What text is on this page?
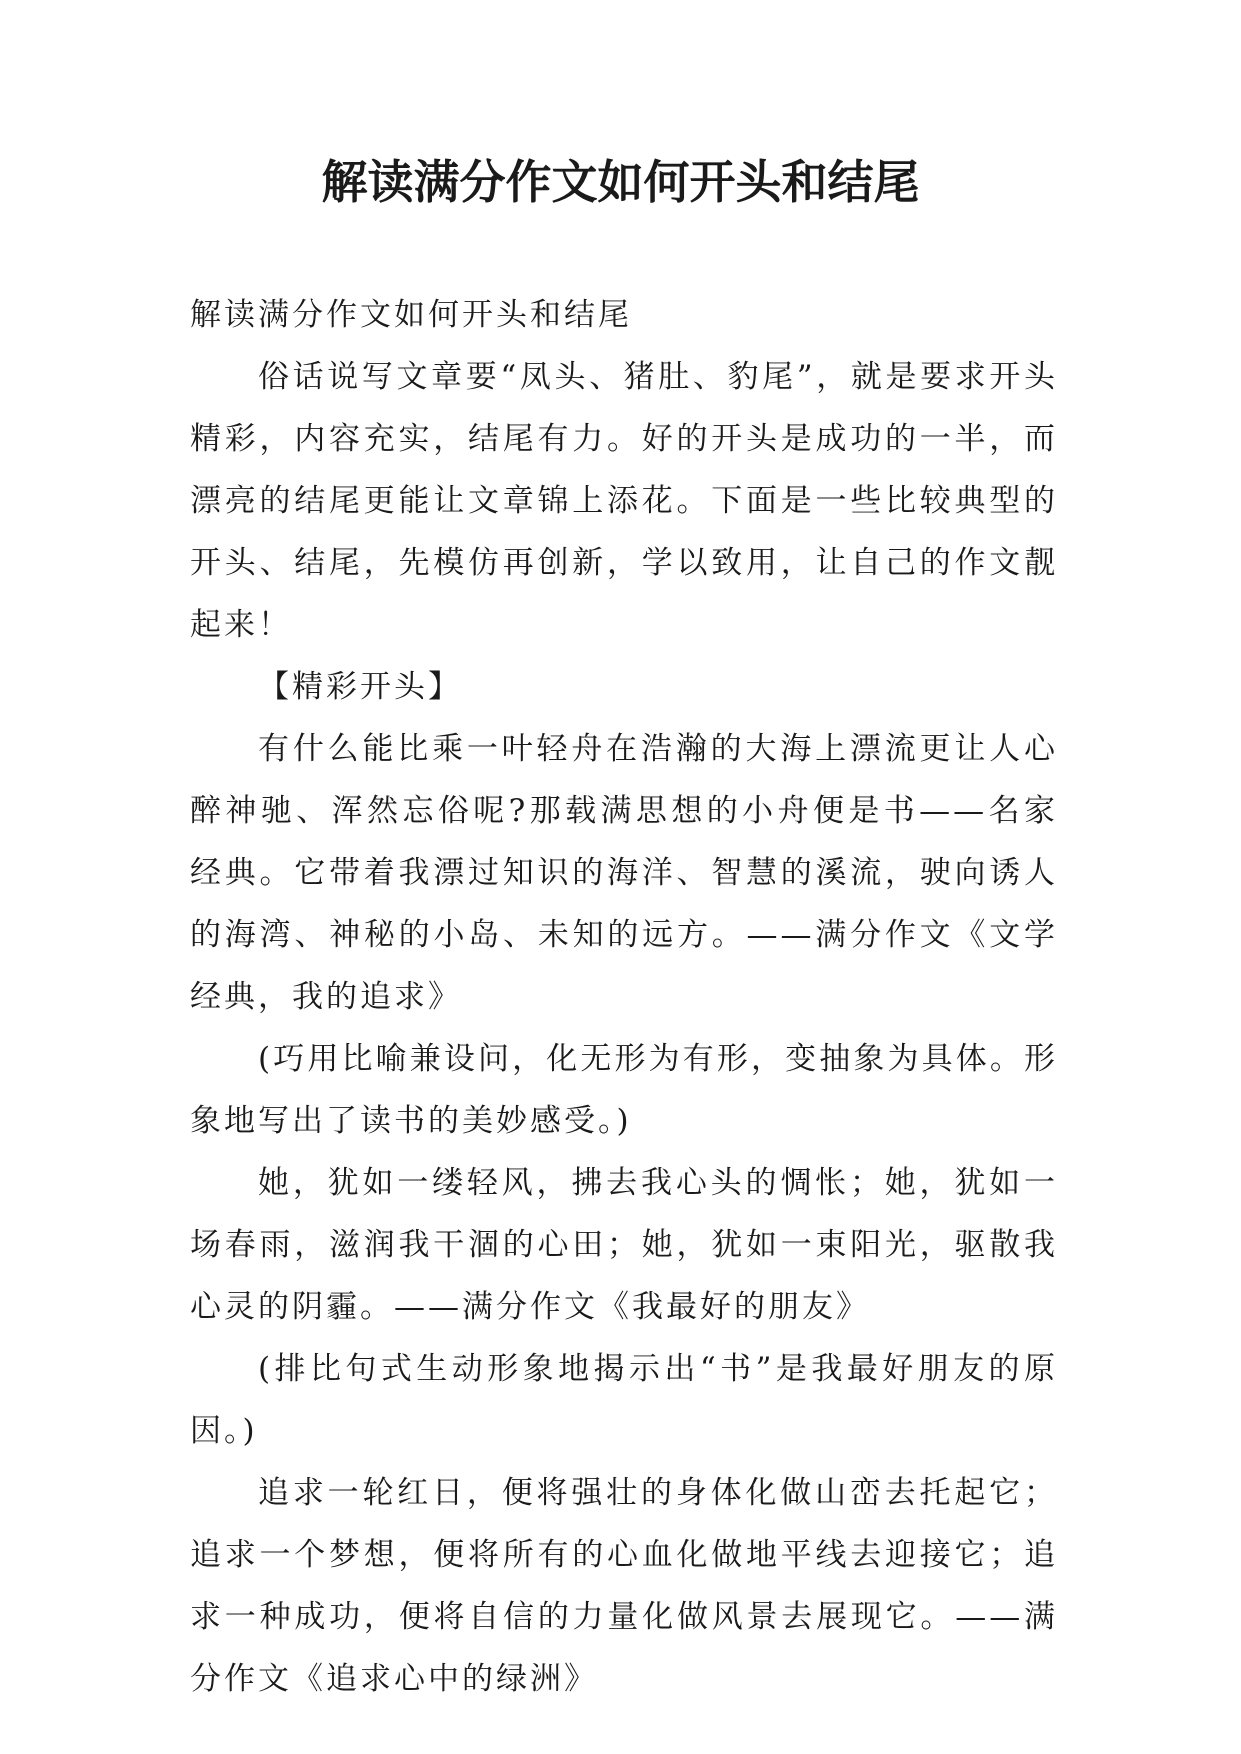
解读满分作文如何开头和结尾

解读满分作文如何开头和结尾

俗话说写文章要“凤头、猪肚、豹尾”，就是要求开头精彩，内容充实，结尾有力。好的开头是成功的一半，而漂亮的结尾更能让文章锦上添花。下面是一些比较典型的开头、结尾，先模仿再创新，学以致用，让自己的作文靓起来！

【精彩开头】

有什么能比乘一叶轻舟在浩瀚的大海上漂流更让人心醉神驰、浑然忘俗呢?那载满思想的小舟便是书——名家经典。它带着我漂过知识的海洋、智慧的溪流，驶向诱人的海湾、神秘的小岛、未知的远方。——满分作文《文学经典，我的追求》

(巧用比喻兼设问，化无形为有形，变抽象为具体。形象地写出了读书的美妙感受。)

她，犹如一缕轻风，拂去我心头的惆怅；她，犹如一场春雨，滋润我干涸的心田；她，犹如一束阳光，驱散我心灵的阴霾。——满分作文《我最好的朋友》

(排比句式生动形象地揭示出“书”是我最好朋友的原因。)

追求一轮红日，便将强壮的身体化做山峦去托起它；追求一个梦想，便将所有的心血化做地平线去迎接它；追求一种成功，便将自信的力量化做风景去展现它。——满分作文《追求心中的绿洲》
